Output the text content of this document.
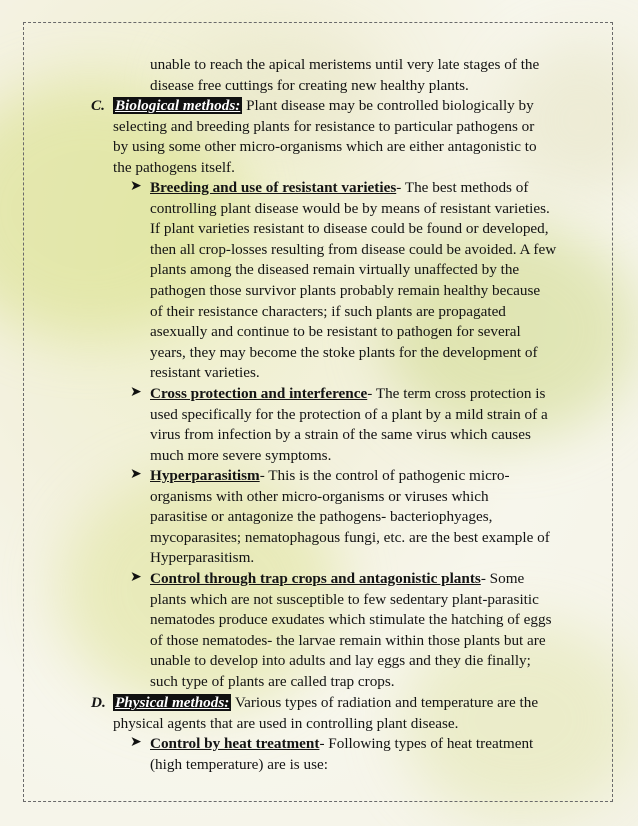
unable to reach the apical meristems until very late stages of the
disease free cuttings for creating new healthy plants.
C. Biological methods: Plant disease may be controlled biologically by
selecting and breeding plants for resistance to particular pathogens or
by using some other micro-organisms which are either antagonistic to
the pathogens itself.
➤ Breeding and use of resistant varieties- The best methods of
controlling plant disease would be by means of resistant varieties.
If plant varieties resistant to disease could be found or developed,
then all crop-losses resulting from disease could be avoided. A few
plants among the diseased remain virtually unaffected by the
pathogen those survivor plants probably remain healthy because
of their resistance characters; if such plants are propagated
asexually and continue to be resistant to pathogen for several
years, they may become the stoke plants for the development of
resistant varieties.
➤ Cross protection and interference- The term cross protection is
used specifically for the protection of a plant by a mild strain of a
virus from infection by a strain of the same virus which causes
much more severe symptoms.
➤ Hyperparasitism- This is the control of pathogenic micro-
organisms with other micro-organisms or viruses which
parasitise or antagonize the pathogens- bacteriophyages,
mycoparasites; nematophagous fungi, etc. are the best example of
Hyperparasitism.
➤ Control through trap crops and antagonistic plants- Some
plants which are not susceptible to few sedentary plant-parasitic
nematodes produce exudates which stimulate the hatching of eggs
of those nematodes- the larvae remain within those plants but are
unable to develop into adults and lay eggs and they die finally;
such type of plants are called trap crops.
D. Physical methods: Various types of radiation and temperature are the
physical agents that are used in controlling plant disease.
➤ Control by heat treatment- Following types of heat treatment
(high temperature) are is use:
